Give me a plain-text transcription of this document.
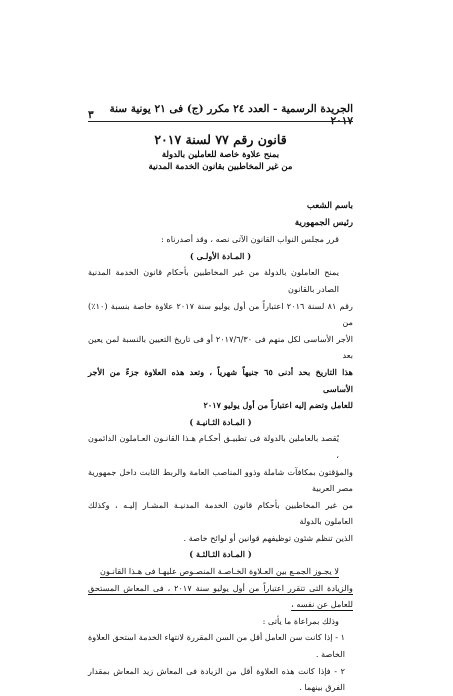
الجريدة الرسمية - العدد ٢٤ مكرر (ج) فى ٢١ يونية سنة ٢٠١٧
٣
قانون رقم ٧٧ لسنة ٢٠١٧
بمنح علاوة خاصة للعاملين بالدولة
من غير المخاطبين بقانون الخدمة المدنية

باسم الشعب

رئيس الجمهورية

قرر مجلس النواب القانون الآتى نصه ، وقد أصدرناه :

( المـادة الأولـى )

يمنح العاملون بالدولة من غير المخاطبين بأحكام قانون الخدمة المدنية الصادر بالقانون

رقم ٨١ لسنة ٢٠١٦ اعتباراً من أول يوليو سنة ٢٠١٧ علاوة خاصة بنسبة (١٠٪) من

الأجر الأساسى لكل منهم فى ٢٠١٧/٦/٣٠ أو فى تاريخ التعيين بالنسبة لمن يعين بعد

هذا التاريخ بحد أدنى ٦٥ جنيهاً شهرياً ، وتعد هذه العلاوة جزءً من الأجر الأساسى

للعامل وتضم إليه اعتباراً من أول يوليو ٢٠١٧

( المـادة الثـانيـة )

يُقصد بالعاملين بالدولة فى تطبيـق أحكـام هـذا القانـون العـاملون الدائمون ،

والمؤقتون بمكافآت شاملة وذوو المناصب العامة والربط الثابت داخل جمهورية مصر العربية

من غير المخاطبين بأحكام قانون الخدمة المدنيـة المشـار إليـه ، وكذلك العاملون بالدولة

الذين تنظم شئون توظيفهم قوانين أو لوائح خاصة .

( المـادة الثـالثـة )

لا يجـوز الجمـع بين العـلاوة الخـاصـة المنصـوص عليهـا فى هـذا القانـون

والزيادة التى تتقرر اعتباراً من أول يوليو سنة ٢٠١٧ ، فى المعاش المستحق للعامل عن نفسه ،

وذلك بمراعاة ما يأتى :

١ - إذا كانت سن العامل أقل من السن المقررة لانتهاء الخدمة استحق العلاوة الخاصة .

٢ - فإذا كانت هذه العلاوة أقل من الزيادة فى المعاش زيد المعاش بمقدار الفرق بينهما .
